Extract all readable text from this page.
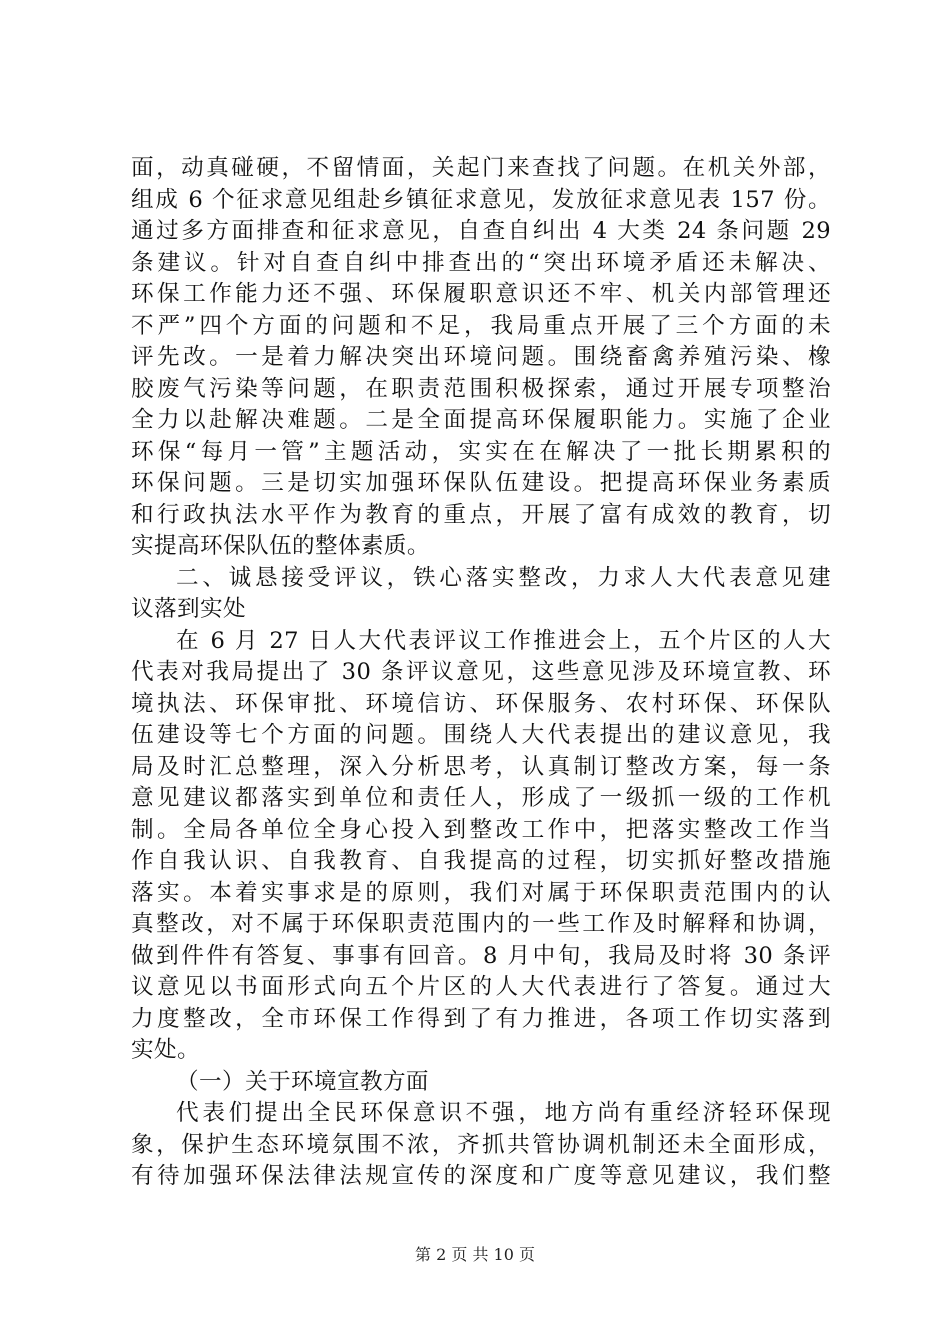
面，动真碰硬，不留情面，关起门来查找了问题。在机关外部，
组成 6 个征求意见组赴乡镇征求意见，发放征求意见表 157 份。
通过多方面排查和征求意见，自查自纠出 4 大类 24 条问题 29
条建议。针对自查自纠中排查出的“突出环境矛盾还未解决、
环保工作能力还不强、环保履职意识还不牢、机关内部管理还
不严”四个方面的问题和不足，我局重点开展了三个方面的未
评先改。一是着力解决突出环境问题。围绕畜禽养殖污染、橡
胶废气污染等问题，在职责范围积极探索，通过开展专项整治
全力以赴解决难题。二是全面提高环保履职能力。实施了企业
环保“每月一管”主题活动，实实在在解决了一批长期累积的
环保问题。三是切实加强环保队伍建设。把提高环保业务素质
和行政执法水平作为教育的重点，开展了富有成效的教育，切
实提高环保队伍的整体素质。
二、诚恳接受评议，铁心落实整改，力求人大代表意见建
议落到实处
在 6 月 27 日人大代表评议工作推进会上，五个片区的人大
代表对我局提出了 30 条评议意见，这些意见涉及环境宣教、环
境执法、环保审批、环境信访、环保服务、农村环保、环保队
伍建设等七个方面的问题。围绕人大代表提出的建议意见，我
局及时汇总整理，深入分析思考，认真制订整改方案，每一条
意见建议都落实到单位和责任人，形成了一级抓一级的工作机
制。全局各单位全身心投入到整改工作中，把落实整改工作当
作自我认识、自我教育、自我提高的过程，切实抓好整改措施
落实。本着实事求是的原则，我们对属于环保职责范围内的认
真整改，对不属于环保职责范围内的一些工作及时解释和协调，
做到件件有答复、事事有回音。8 月中旬，我局及时将 30 条评
议意见以书面形式向五个片区的人大代表进行了答复。通过大
力度整改，全市环保工作得到了有力推进，各项工作切实落到
实处。
（一）关于环境宣教方面
代表们提出全民环保意识不强，地方尚有重经济轻环保现
象，保护生态环境氛围不浓，齐抓共管协调机制还未全面形成，
有待加强环保法律法规宣传的深度和广度等意见建议，我们整
第 2 页 共 10 页
